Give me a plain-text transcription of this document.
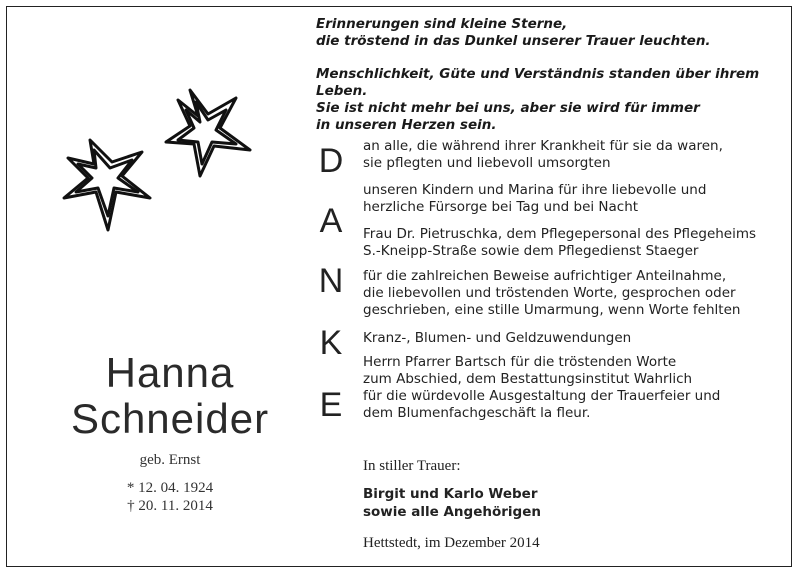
Hanna
Schneider
geb. Ernst
* 12. 04. 1924
† 20. 11. 2014

Erinnerungen sind kleine Sterne,
die tröstend in das Dunkel unserer Trauer leuchten.

Menschlichkeit, Güte und Verständnis standen über ihrem Leben.
Sie ist nicht mehr bei uns, aber sie wird für immer
in unseren Herzen sein.

D
A
N
K
E
an alle, die während ihrer Krankheit für sie da waren,
sie pflegten und liebevoll umsorgten
unseren Kindern und Marina für ihre liebevolle und
herzliche Fürsorge bei Tag und bei Nacht
Frau Dr. Pietruschka, dem Pflegepersonal des Pflegeheims
S.-Kneipp-Straße sowie dem Pflegedienst Staeger
für die zahlreichen Beweise aufrichtiger Anteilnahme,
die liebevollen und tröstenden Worte, gesprochen oder
geschrieben, eine stille Umarmung, wenn Worte fehlten
Kranz-, Blumen- und Geldzuwendungen
Herrn Pfarrer Bartsch für die tröstenden Worte
zum Abschied, dem Bestattungsinstitut Wahrlich
für die würdevolle Ausgestaltung der Trauerfeier und
dem Blumenfachgeschäft la fleur.
In stiller Trauer:
Birgit und Karlo Weber
sowie alle Angehörigen
Hettstedt, im Dezember 2014
